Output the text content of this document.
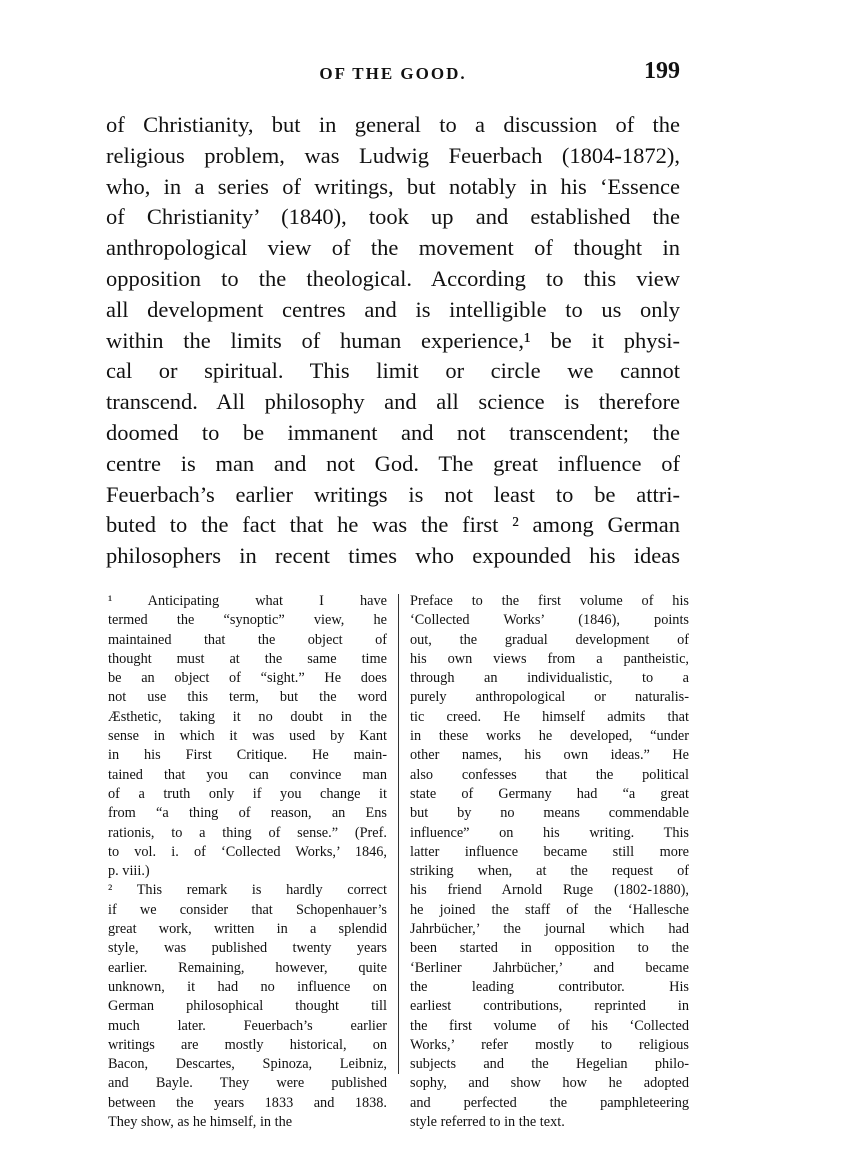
OF THE GOOD.	199
of Christianity, but in general to a discussion of the
religious problem, was Ludwig Feuerbach (1804-1872),
who, in a series of writings, but notably in his ‘Essence
of Christianity’ (1840), took up and established the
anthropological view of the movement of thought in
opposition to the theological. According to this view
all development centres and is intelligible to us only
within the limits of human experience,¹ be it physi-
cal or spiritual. This limit or circle we cannot
transcend. All philosophy and all science is therefore
doomed to be immanent and not transcendent; the
centre is man and not God. The great influence of
Feuerbach’s earlier writings is not least to be attri-
buted to the fact that he was the first ² among German
philosophers in recent times who expounded his ideas
¹ Anticipating what I have
termed the “synoptic” view, he
maintained that the object of
thought must at the same time
be an object of “sight.” He does
not use this term, but the word
Æsthetic, taking it no doubt in the
sense in which it was used by Kant
in his First Critique. He main-
tained that you can convince man
of a truth only if you change it
from “a thing of reason, an Ens
rationis, to a thing of sense.” (Pref.
to vol. i. of ‘Collected Works,’ 1846,
p. viii.)
² This remark is hardly correct
if we consider that Schopenhauer’s
great work, written in a splendid
style, was published twenty years
earlier. Remaining, however, quite
unknown, it had no influence on
German philosophical thought till
much later. Feuerbach’s earlier
writings are mostly historical, on
Bacon, Descartes, Spinoza, Leibniz,
and Bayle. They were published
between the years 1833 and 1838.
They show, as he himself, in the
Preface to the first volume of his
‘Collected Works’ (1846), points
out, the gradual development of
his own views from a pantheistic,
through an individualistic, to a
purely anthropological or naturalis-
tic creed. He himself admits that
in these works he developed, “under
other names, his own ideas.” He
also confesses that the political
state of Germany had “a great
but by no means commendable
influence” on his writing. This
latter influence became still more
striking when, at the request of
his friend Arnold Ruge (1802-1880),
he joined the staff of the ‘Hallesche
Jahrbücher,’ the journal which had
been started in opposition to the
‘Berliner Jahrbücher,’ and became
the leading contributor. His
earliest contributions, reprinted in
the first volume of his ‘Collected
Works,’ refer mostly to religious
subjects and the Hegelian philo-
sophy, and show how he adopted
and perfected the pamphleteering
style referred to in the text.
